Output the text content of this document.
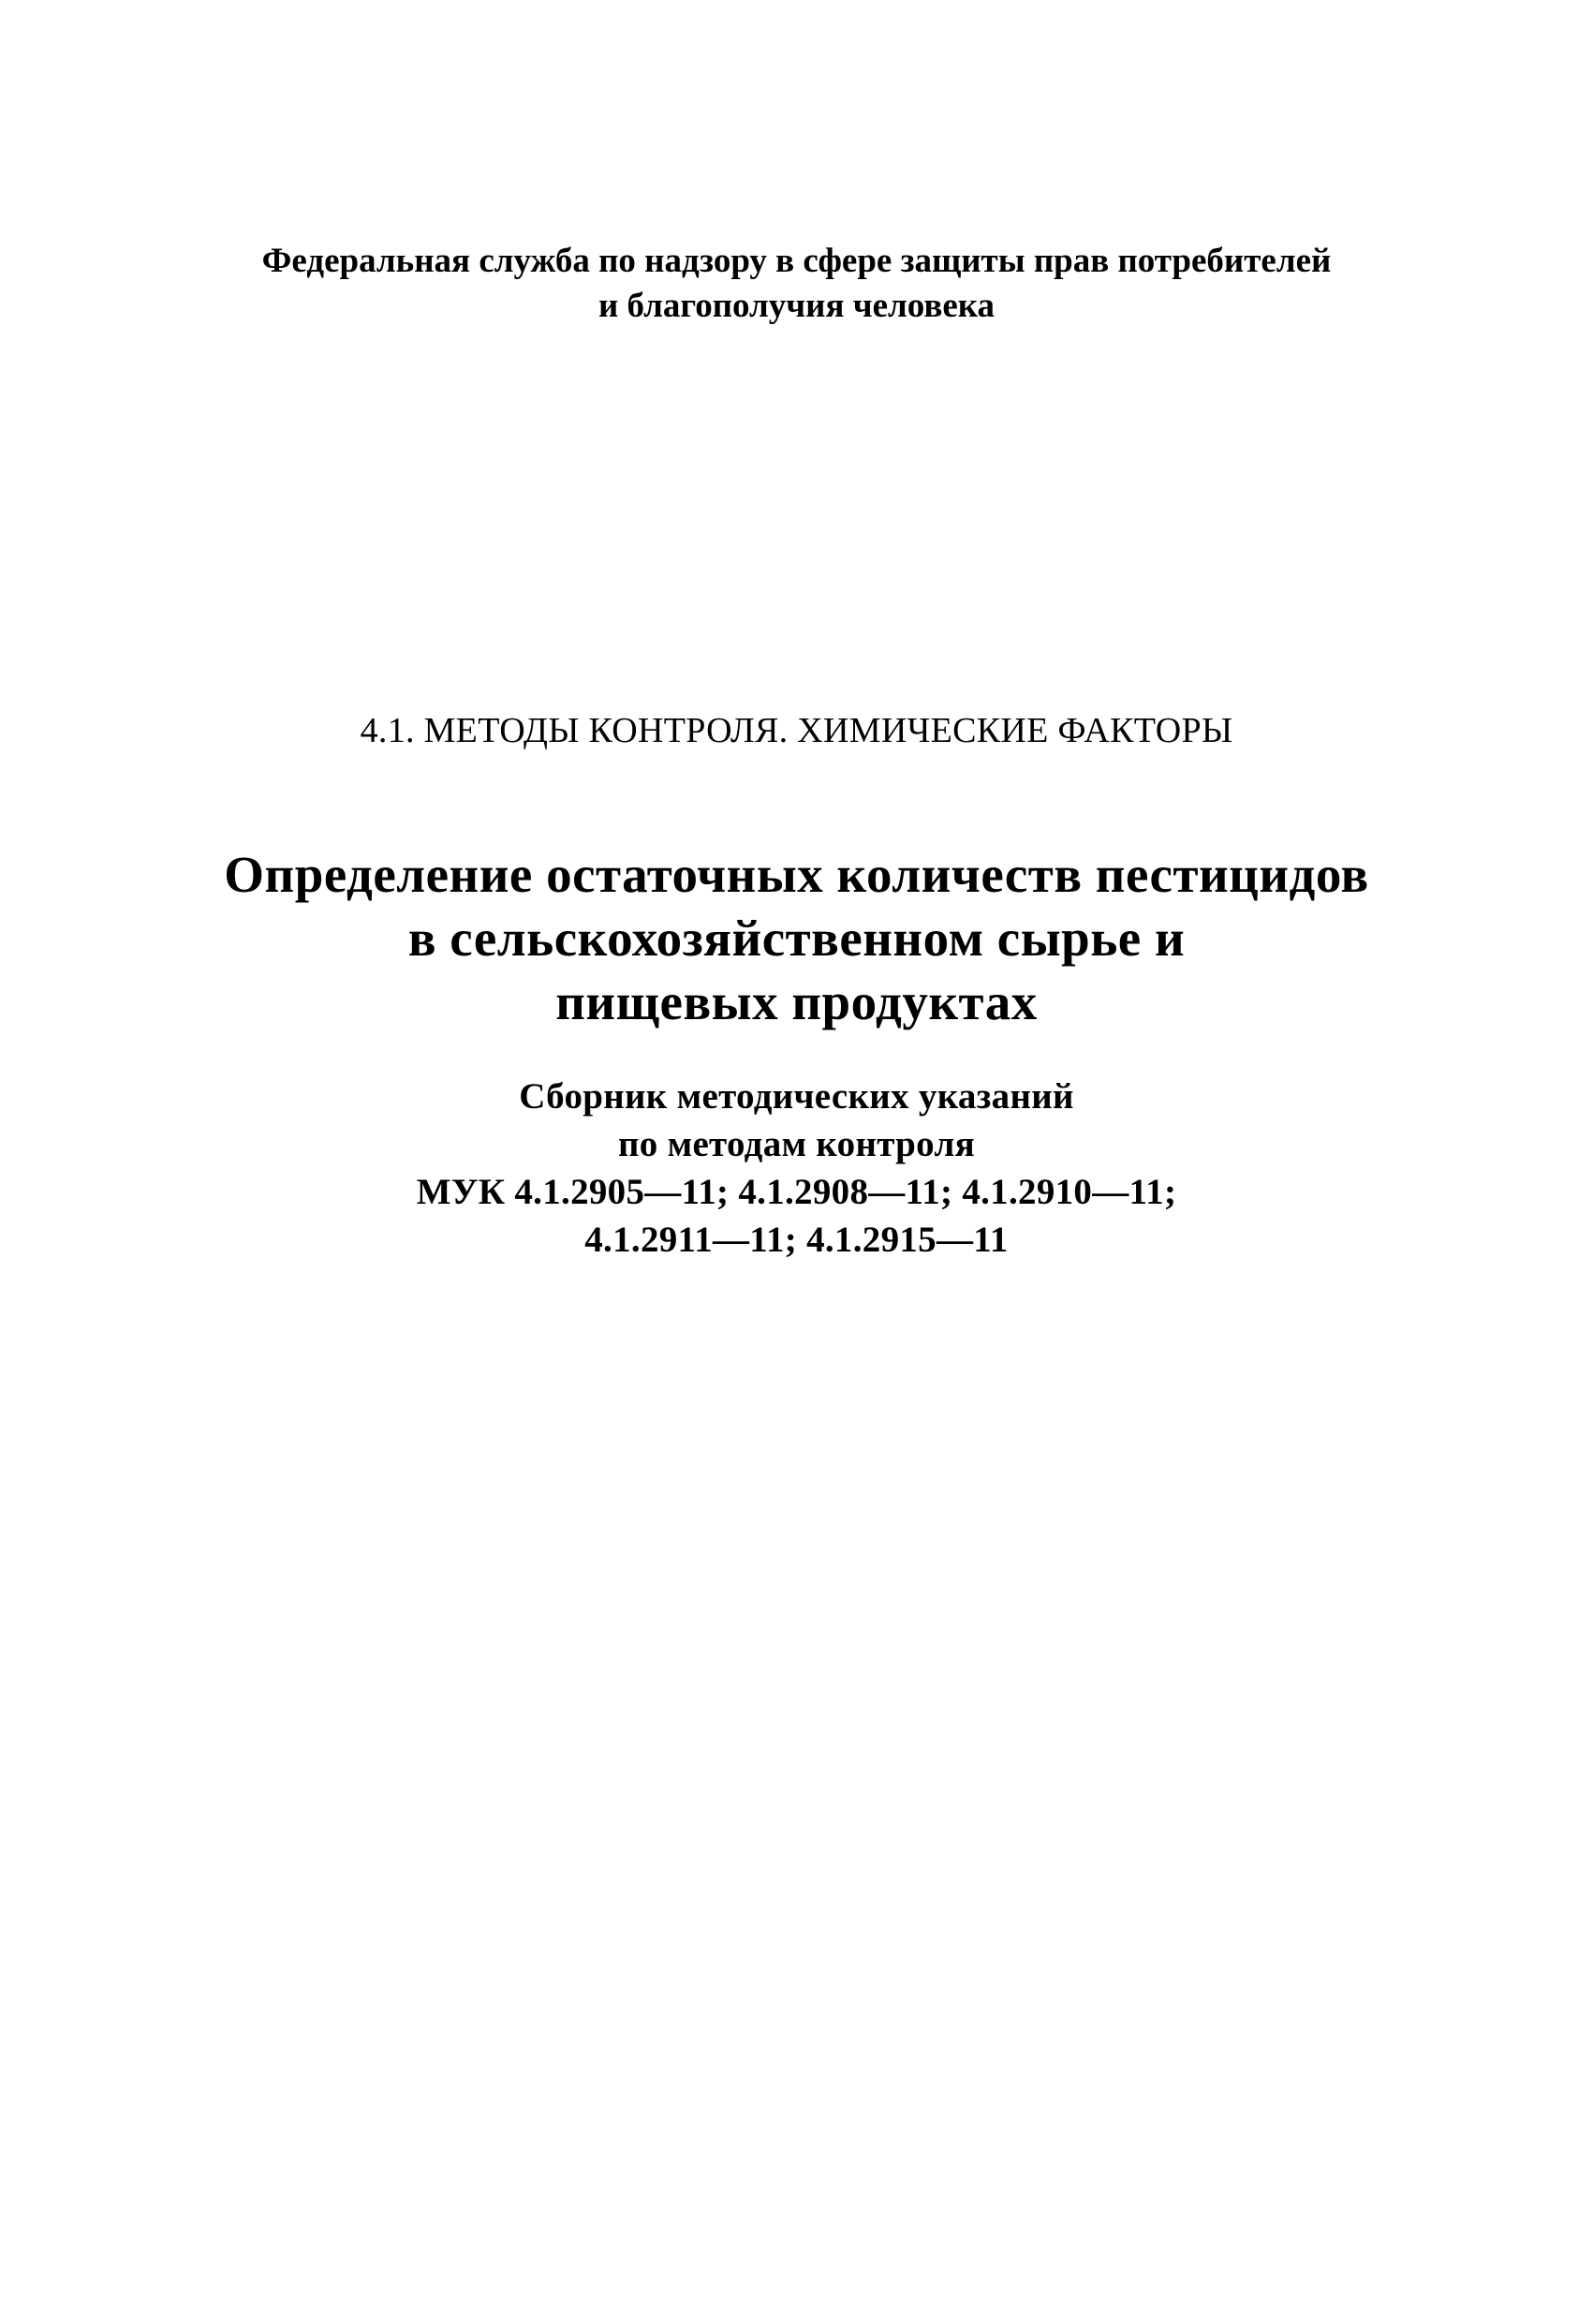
Федеральная служба по надзору в сфере защиты прав потребителей
и благополучия человека
4.1. МЕТОДЫ КОНТРОЛЯ. ХИМИЧЕСКИЕ ФАКТОРЫ
Определение остаточных количеств пестицидов
в сельскохозяйственном сырье и
пищевых продуктах
Сборник методических указаний
по методам контроля
МУК 4.1.2905—11; 4.1.2908—11; 4.1.2910—11;
4.1.2911—11; 4.1.2915—11
